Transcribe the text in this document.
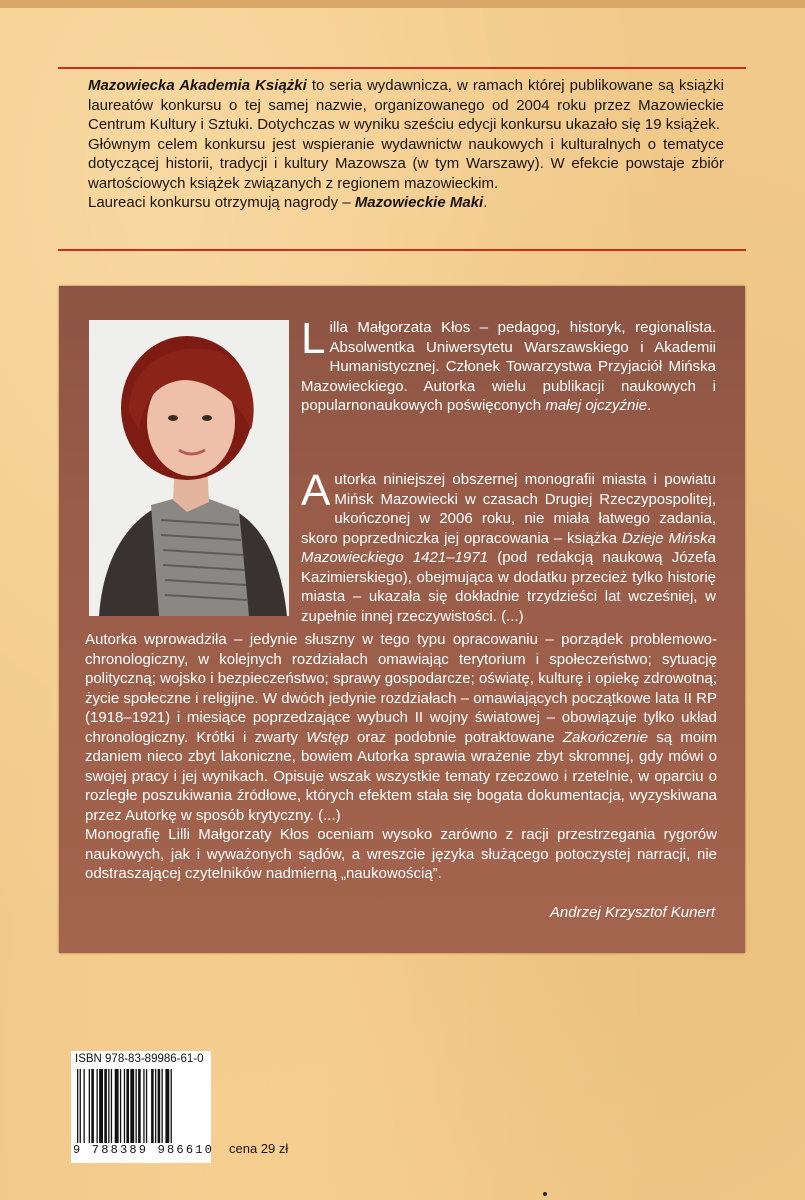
Mazowiecka Akademia Książki to seria wydawnicza, w ramach której publikowane są książki laureatów konkursu o tej samej nazwie, organizowanego od 2004 roku przez Mazowieckie Centrum Kultury i Sztuki. Dotychczas w wyniku sześciu edycji konkursu ukazało się 19 książek.

Głównym celem konkursu jest wspieranie wydawnictw naukowych i kulturalnych o tematyce dotyczącej historii, tradycji i kultury Mazowsza (w tym Warszawy). W efekcie powstaje zbiór wartościowych książek związanych z regionem mazowieckim.

Laureaci konkursu otrzymują nagrody – Mazowieckie Maki.

Lilla Małgorzata Kłos – pedagog, historyk, regionalista. Absolwentka Uniwersytetu Warszawskiego i Akademii Humanistycznej. Członek Towarzystwa Przyjaciół Mińska Mazowieckiego. Autorka wielu publikacji naukowych i popularnonaukowych poświęconych małej ojczyźnie.
Autorka niniejszej obszernej monografii miasta i powiatu Mińsk Mazowiecki w czasach Drugiej Rzeczypospolitej, ukończonej w 2006 roku, nie miała łatwego zadania, skoro poprzedniczka jej opracowania – książka Dzieje Mińska Mazowieckiego 1421–1971 (pod redakcją naukową Józefa Kazimierskiego), obejmująca w dodatku przecież tylko historię miasta – ukazała się dokładnie trzydzieści lat wcześniej, w zupełnie innej rzeczywistości. (...)

Autorka wprowadziła – jedynie słuszny w tego typu opracowaniu – porządek problemowo-chronologiczny, w kolejnych rozdziałach omawiając terytorium i społeczeństwo; sytuację polityczną; wojsko i bezpieczeństwo; sprawy gospodarcze; oświatę, kulturę i opiekę zdrowotną; życie społeczne i religijne. W dwóch jedynie rozdziałach – omawiających początkowe lata II RP (1918–1921) i miesiące poprzedzające wybuch II wojny światowej – obowiązuje tylko układ chronologiczny. Krótki i zwarty Wstęp oraz podobnie potraktowane Zakończenie są moim zdaniem nieco zbyt lakoniczne, bowiem Autorka sprawia wrażenie zbyt skromnej, gdy mówi o swojej pracy i jej wynikach. Opisuje wszak wszystkie tematy rzeczowo i rzetelnie, w oparciu o rozległe poszukiwania źródłowe, których efektem stała się bogata dokumentacja, wyzyskiwana przez Autorkę w sposób krytyczny. (...)

Monografię Lilli Małgorzaty Kłos oceniam wysoko zarówno z racji przestrzegania rygorów naukowych, jak i wyważonych sądów, a wreszcie języka służącego potoczystej narracji, nie odstraszającej czytelników nadmierną „naukowością”.

Andrzej Krzysztof Kunert
ISBN 978-83-89986-61-0
9 788389 986610 cena 29 zł
